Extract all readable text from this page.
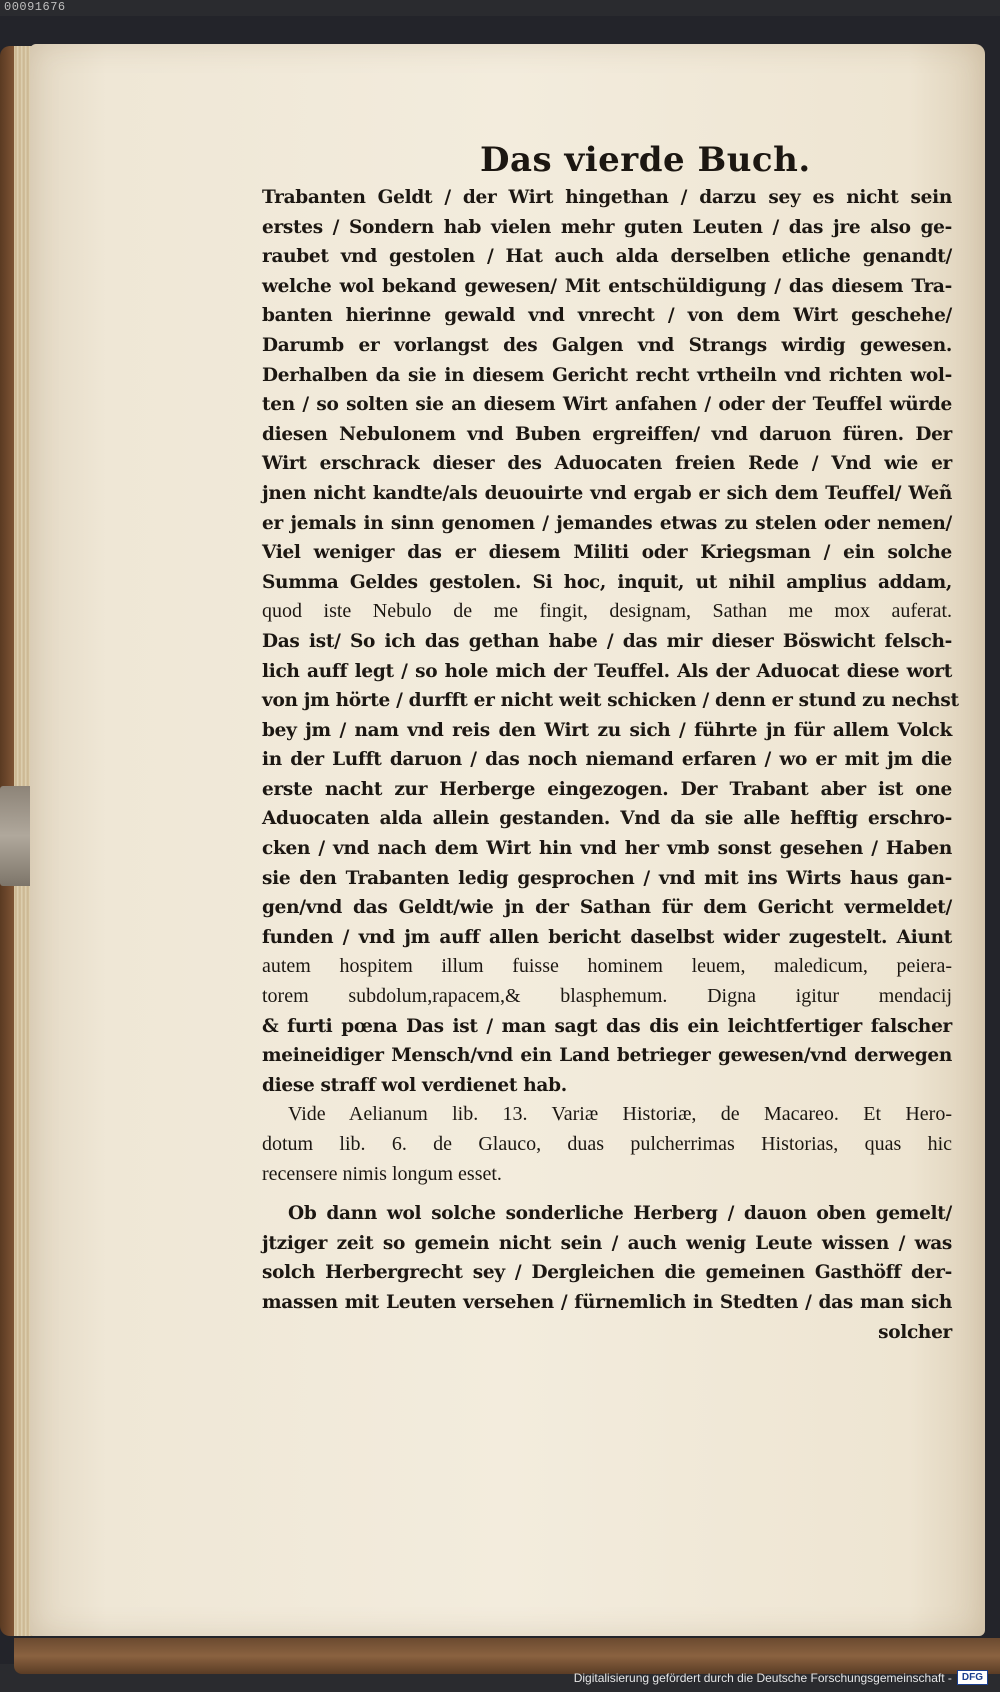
00091676
Das vierde Buch.
Trabanten Geldt / der Wirt hingethan / darzu sey es nicht sein
erstes / Sondern hab vielen mehr guten Leuten / das jre also ge-
raubet vnd gestolen / Hat auch alda derselben etliche genandt/
welche wol bekand gewesen/ Mit entschüldigung / das diesem Tra-
banten hierinne gewald vnd vnrecht / von dem Wirt geschehe/
Darumb er vorlangst des Galgen vnd Strangs wirdig gewesen.
Derhalben da sie in diesem Gericht recht vrtheiln vnd richten wol-
ten / so solten sie an diesem Wirt anfahen / oder der Teuffel würde
diesen Nebulonem vnd Buben ergreiffen/ vnd daruon füren. Der
Wirt erschrack dieser des Aduocaten freien Rede / Vnd wie er
jnen nicht kandte/als deuouirte vnd ergab er sich dem Teuffel/ Weñ
er jemals in sinn genomen / jemandes etwas zu stelen oder nemen/
Viel weniger das er diesem Militi oder Kriegsman / ein solche
Summa Geldes gestolen. Si hoc, inquit, ut nihil amplius addam,
quod iste Nebulo de me fingit, designam, Sathan me mox auferat.
Das ist/ So ich das gethan habe / das mir dieser Böswicht felsch-
lich auff legt / so hole mich der Teuffel. Als der Aduocat diese wort
von jm hörte / durfft er nicht weit schicken / denn er stund zu nechst
bey jm / nam vnd reis den Wirt zu sich / führte jn für allem Volck
in der Lufft daruon / das noch niemand erfaren / wo er mit jm die
erste nacht zur Herberge eingezogen. Der Trabant aber ist one
Aduocaten alda allein gestanden. Vnd da sie alle hefftig erschro-
cken / vnd nach dem Wirt hin vnd her vmb sonst gesehen / Haben
sie den Trabanten ledig gesprochen / vnd mit ins Wirts haus gan-
gen/vnd das Geldt/wie jn der Sathan für dem Gericht vermeldet/
funden / vnd jm auff allen bericht daselbst wider zugestelt. Aiunt
autem hospitem illum fuisse hominem leuem, maledicum, peiera-
torem subdolum,rapacem,& blasphemum. Digna igitur mendacij
& furti pœna Das ist / man sagt das dis ein leichtfertiger falscher
meineidiger Mensch/vnd ein Land betrieger gewesen/vnd derwegen
diese straff wol verdienet hab.
Vide Aelianum lib. 13. Variæ Historiæ, de Macareo. Et Hero-
dotum lib. 6. de Glauco, duas pulcherrimas Historias, quas hic
recensere nimis longum esset.
Ob dann wol solche sonderliche Herberg / dauon oben gemelt/
jtziger zeit so gemein nicht sein / auch wenig Leute wissen / was
solch Herbergrecht sey / Dergleichen die gemeinen Gasthöff der-
massen mit Leuten versehen / fürnemlich in Stedten / das man sich
solcher
Digitalisierung gefördert durch die Deutsche Forschungsgemeinschaft -	DFG
